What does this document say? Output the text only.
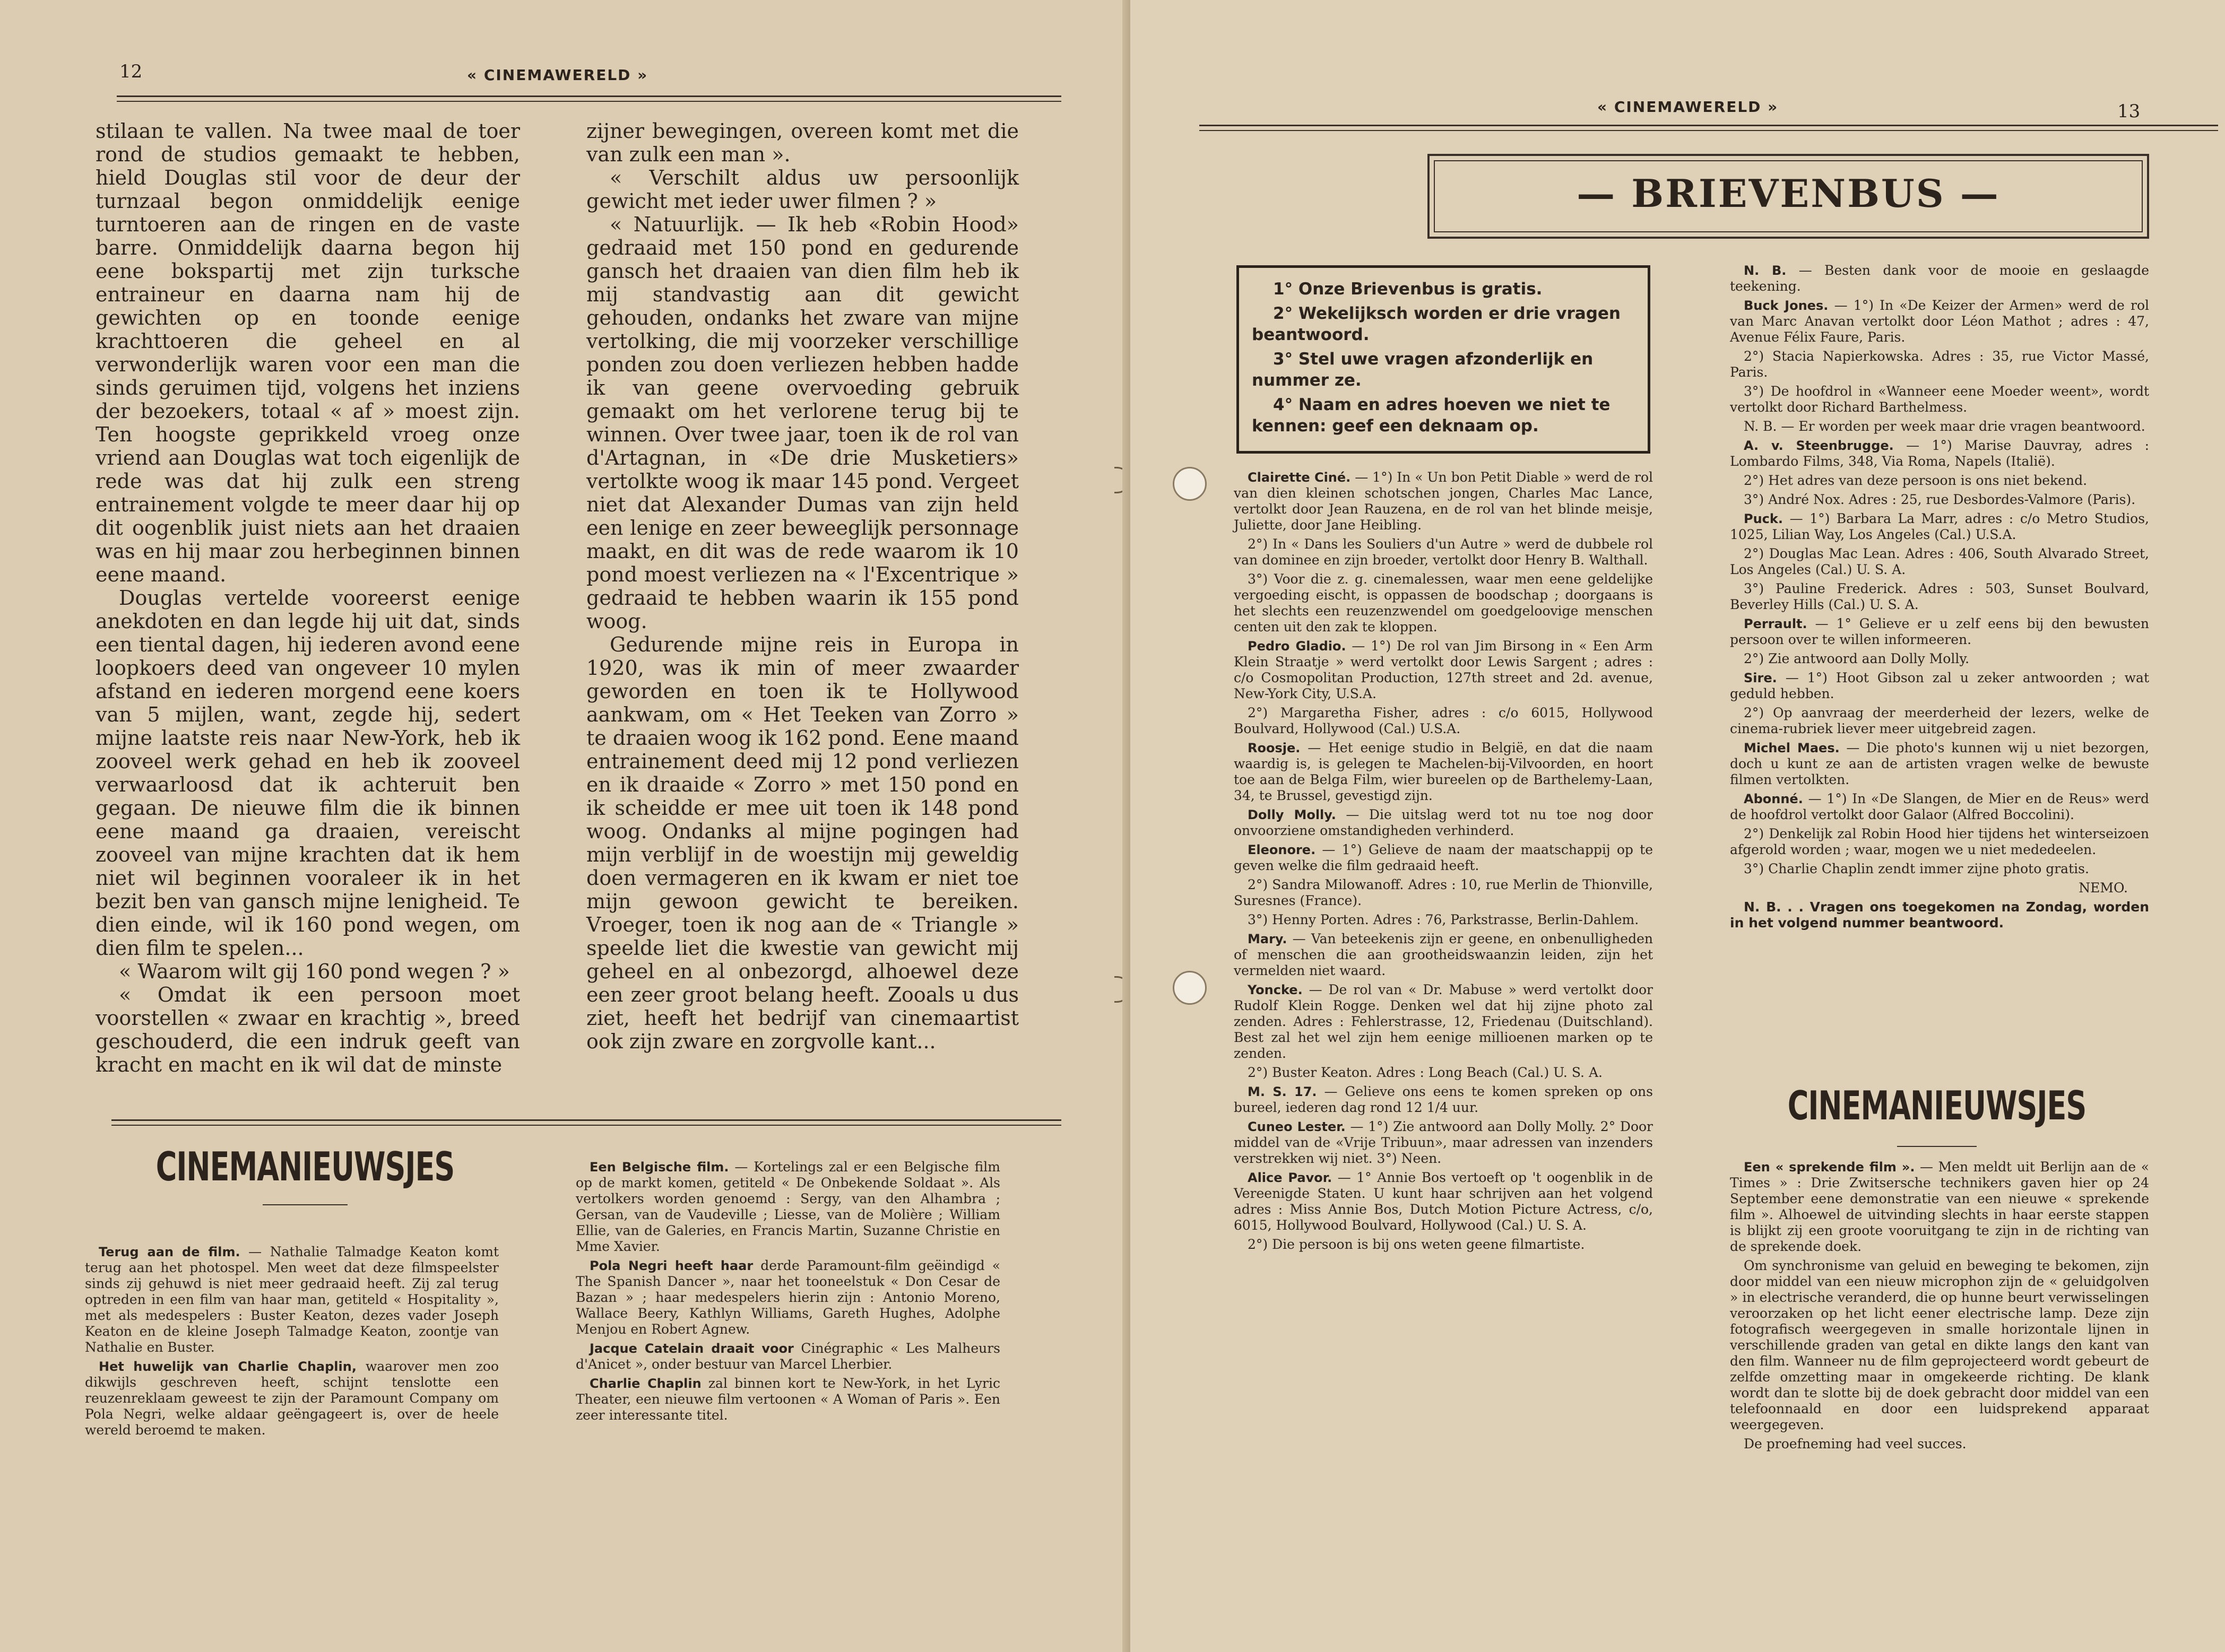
12	« CINEMAWERELD »

stilaan te vallen. Na twee maal de toer rond de studios gemaakt te hebben, hield Douglas stil voor de deur der turnzaal begon onmiddelijk eenige turntoeren aan de ringen en de vaste barre. Onmiddelijk daarna begon hij eene bokspartij met zijn turksche entraineur en daarna nam hij de gewichten op en toonde eenige krachttoeren die geheel en al verwonderlijk waren voor een man die sinds geruimen tijd, volgens het inziens der bezoekers, totaal « af » moest zijn. Ten hoogste geprikkeld vroeg onze vriend aan Douglas wat toch eigenlijk de rede was dat hij zulk een streng entrainement volgde te meer daar hij op dit oogenblik juist niets aan het draaien was en hij maar zou herbeginnen binnen eene maand.

Douglas vertelde vooreerst eenige anekdoten en dan legde hij uit dat, sinds een tiental dagen, hij iederen avond eene loopkoers deed van ongeveer 10 mylen afstand en iederen morgend eene koers van 5 mijlen, want, zegde hij, sedert mijne laatste reis naar New-York, heb ik zooveel werk gehad en heb ik zooveel verwaarloosd dat ik achteruit ben gegaan. De nieuwe film die ik binnen eene maand ga draaien, vereischt zooveel van mijne krachten dat ik hem niet wil beginnen vooraleer ik in het bezit ben van gansch mijne lenigheid. Te dien einde, wil ik 160 pond wegen, om dien film te spelen...

« Waarom wilt gij 160 pond wegen ? »

« Omdat ik een persoon moet voorstellen « zwaar en krachtig », breed geschouderd, die een indruk geeft van kracht en macht en ik wil dat de minste

zijner bewegingen, overeen komt met die van zulk een man ».

« Verschilt aldus uw persoonlijk gewicht met ieder uwer filmen ? »

« Natuurlijk. — Ik heb «Robin Hood» gedraaid met 150 pond en gedurende gansch het draaien van dien film heb ik mij standvastig aan dit gewicht gehouden, ondanks het zware van mijne vertolking, die mij voorzeker verschillige ponden zou doen verliezen hebben hadde ik van geene overvoeding gebruik gemaakt om het verlorene terug bij te winnen. Over twee jaar, toen ik de rol van d'Artagnan, in «De drie Musketiers» vertolkte woog ik maar 145 pond. Vergeet niet dat Alexander Dumas van zijn held een lenige en zeer beweeglijk personnage maakt, en dit was de rede waarom ik 10 pond moest verliezen na « l'Excentrique » gedraaid te hebben waarin ik 155 pond woog.

Gedurende mijne reis in Europa in 1920, was ik min of meer zwaarder geworden en toen ik te Hollywood aankwam, om « Het Teeken van Zorro » te draaien woog ik 162 pond. Eene maand entrainement deed mij 12 pond verliezen en ik draaide « Zorro » met 150 pond en ik scheidde er mee uit toen ik 148 pond woog. Ondanks al mijne pogingen had mijn verblijf in de woestijn mij geweldig doen vermageren en ik kwam er niet toe mijn gewoon gewicht te bereiken. Vroeger, toen ik nog aan de « Triangle » speelde liet die kwestie van gewicht mij geheel en al onbezorgd, alhoewel deze een zeer groot belang heeft. Zooals u dus ziet, heeft het bedrijf van cinemaartist ook zijn zware en zorgvolle kant...

CINEMANIEUWSJES

Terug aan de film. — Nathalie Talmadge Keaton komt terug aan het photospel. Men weet dat deze filmspeelster sinds zij gehuwd is niet meer gedraaid heeft. Zij zal terug optreden in een film van haar man, getiteld « Hospitality », met als medespelers : Buster Keaton, dezes vader Joseph Keaton en de kleine Joseph Talmadge Keaton, zoontje van Nathalie en Buster.

Het huwelijk van Charlie Chaplin, waarover men zoo dikwijls geschreven heeft, schijnt tenslotte een reuzenreklaam geweest te zijn der Paramount Company om Pola Negri, welke aldaar geëngageert is, over de heele wereld beroemd te maken.

Een Belgische film. — Kortelings zal er een Belgische film op de markt komen, getiteld « De Onbekende Soldaat ». Als vertolkers worden genoemd : Sergy, van den Alhambra ; Gersan, van de Vaudeville ; Liesse, van de Molière ; William Ellie, van de Galeries, en Francis Martin, Suzanne Christie en Mme Xavier.

Pola Negri heeft haar derde Paramount-film geëindigd « The Spanish Dancer », naar het tooneelstuk « Don Cesar de Bazan » ; haar medespelers hierin zijn : Antonio Moreno, Wallace Beery, Kathlyn Williams, Gareth Hughes, Adolphe Menjou en Robert Agnew.

Jacque Catelain draait voor Cinégraphic « Les Malheurs d'Anicet », onder bestuur van Marcel Lherbier.

Charlie Chaplin zal binnen kort te New-York, in het Lyric Theater, een nieuwe film vertoonen « A Woman of Paris ». Een zeer interessante titel.

« CINEMAWERELD »	13
— BRIEVENBUS —

1° Onze Brievenbus is gratis.

2° Wekelijksch worden er drie vragen beantwoord.

3° Stel uwe vragen afzonderlijk en nummer ze.

4° Naam en adres hoeven we niet te kennen: geef een deknaam op.

Clairette Ciné. — 1°) In « Un bon Petit Diable » werd de rol van dien kleinen schotschen jongen, Charles Mac Lance, vertolkt door Jean Rauzena, en de rol van het blinde meisje, Juliette, door Jane Heibling.

2°) In « Dans les Souliers d'un Autre » werd de dubbele rol van dominee en zijn broeder, vertolkt door Henry B. Walthall.

3°) Voor die z. g. cinemalessen, waar men eene geldelijke vergoeding eischt, is oppassen de boodschap ; doorgaans is het slechts een reuzenzwendel om goedgeloovige menschen centen uit den zak te kloppen.

Pedro Gladio. — 1°) De rol van Jim Birsong in « Een Arm Klein Straatje » werd vertolkt door Lewis Sargent ; adres : c/o Cosmopolitan Production, 127th street and 2d. avenue, New-York City, U.S.A.

2°) Margaretha Fisher, adres : c/o 6015, Hollywood Boulvard, Hollywood (Cal.) U.S.A.

Roosje. — Het eenige studio in België, en dat die naam waardig is, is gelegen te Machelen-bij-Vilvoorden, en hoort toe aan de Belga Film, wier bureelen op de Barthelemy-Laan, 34, te Brussel, gevestigd zijn.

Dolly Molly. — Die uitslag werd tot nu toe nog door onvoorziene omstandigheden verhinderd.

Eleonore. — 1°) Gelieve de naam der maatschappij op te geven welke die film gedraaid heeft.

2°) Sandra Milowanoff. Adres : 10, rue Merlin de Thionville, Suresnes (France).

3°) Henny Porten. Adres : 76, Parkstrasse, Berlin-Dahlem.

Mary. — Van beteekenis zijn er geene, en onbenulligheden of menschen die aan grootheidswaanzin leiden, zijn het vermelden niet waard.

Yoncke. — De rol van « Dr. Mabuse » werd vertolkt door Rudolf Klein Rogge. Denken wel dat hij zijne photo zal zenden. Adres : Fehlerstrasse, 12, Friedenau (Duitschland). Best zal het wel zijn hem eenige millioenen marken op te zenden.

2°) Buster Keaton. Adres : Long Beach (Cal.) U. S. A.

M. S. 17. — Gelieve ons eens te komen spreken op ons bureel, iederen dag rond 12 1/4 uur.

Cuneo Lester. — 1°) Zie antwoord aan Dolly Molly. 2° Door middel van de «Vrije Tribuun», maar adressen van inzenders verstrekken wij niet. 3°) Neen.

Alice Pavor. — 1° Annie Bos vertoeft op 't oogenblik in de Vereenigde Staten. U kunt haar schrijven aan het volgend adres : Miss Annie Bos, Dutch Motion Picture Actress, c/o, 6015, Hollywood Boulvard, Hollywood (Cal.) U. S. A.

2°) Die persoon is bij ons weten geene filmartiste.

N. B. — Besten dank voor de mooie en geslaagde teekening.

Buck Jones. — 1°) In «De Keizer der Armen» werd de rol van Marc Anavan vertolkt door Léon Mathot ; adres : 47, Avenue Félix Faure, Paris.

2°) Stacia Napierkowska. Adres : 35, rue Victor Massé, Paris.

3°) De hoofdrol in «Wanneer eene Moeder weent», wordt vertolkt door Richard Barthelmess.

N. B. — Er worden per week maar drie vragen beantwoord.

A. v. Steenbrugge. — 1°) Marise Dauvray, adres : Lombardo Films, 348, Via Roma, Napels (Italië).

2°) Het adres van deze persoon is ons niet bekend.

3°) André Nox. Adres : 25, rue Desbordes-Valmore (Paris).

Puck. — 1°) Barbara La Marr, adres : c/o Metro Studios, 1025, Lilian Way, Los Angeles (Cal.) U.S.A.

2°) Douglas Mac Lean. Adres : 406, South Alvarado Street, Los Angeles (Cal.) U. S. A.

3°) Pauline Frederick. Adres : 503, Sunset Boulvard, Beverley Hills (Cal.) U. S. A.

Perrault. — 1° Gelieve er u zelf eens bij den bewusten persoon over te willen informeeren.

2°) Zie antwoord aan Dolly Molly.

Sire. — 1°) Hoot Gibson zal u zeker antwoorden ; wat geduld hebben.

2°) Op aanvraag der meerderheid der lezers, welke de cinema-rubriek liever meer uitgebreid zagen.

Michel Maes. — Die photo's kunnen wij u niet bezorgen, doch u kunt ze aan de artisten vragen welke de bewuste filmen vertolkten.

Abonné. — 1°) In «De Slangen, de Mier en de Reus» werd de hoofdrol vertolkt door Galaor (Alfred Boccolini).

2°) Denkelijk zal Robin Hood hier tijdens het winterseizoen afgerold worden ; waar, mogen we u niet mededeelen.

3°) Charlie Chaplin zendt immer zijne photo gratis.

NEMO.

N. B. . . Vragen ons toegekomen na Zondag, worden in het volgend nummer beantwoord.

CINEMANIEUWSJES

Een « sprekende film ». — Men meldt uit Berlijn aan de « Times » : Drie Zwitsersche technikers gaven hier op 24 September eene demonstratie van een nieuwe « sprekende film ». Alhoewel de uitvinding slechts in haar eerste stappen is blijkt zij een groote vooruitgang te zijn in de richting van de sprekende doek.

Om synchronisme van geluid en beweging te bekomen, zijn door middel van een nieuw microphon zijn de « geluidgolven » in electrische veranderd, die op hunne beurt verwisselingen veroorzaken op het licht eener electrische lamp. Deze zijn fotografisch weergegeven in smalle horizontale lijnen in verschillende graden van getal en dikte langs den kant van den film. Wanneer nu de film geprojecteerd wordt gebeurt de zelfde omzetting maar in omgekeerde richting. De klank wordt dan te slotte bij de doek gebracht door middel van een telefoonnaald en door een luidsprekend apparaat weergegeven.

De proefneming had veel succes.
